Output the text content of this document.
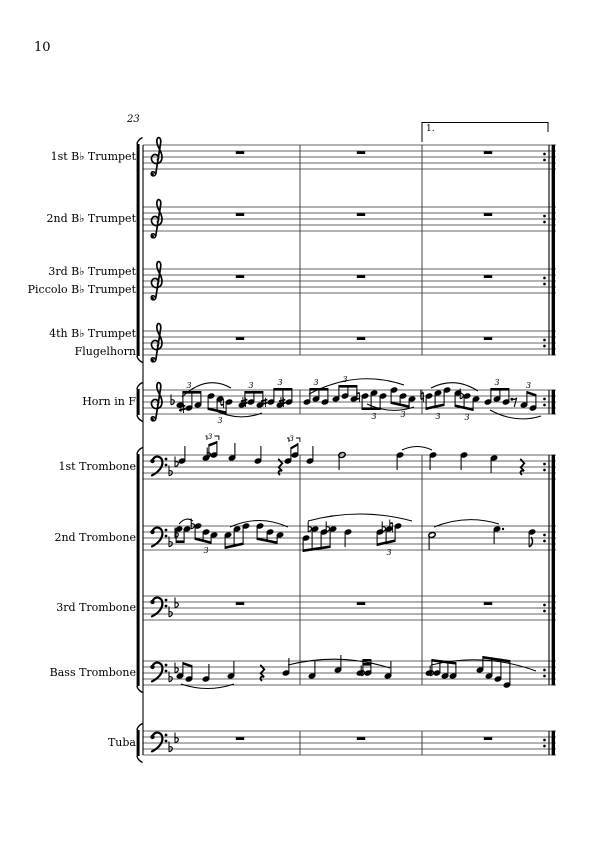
10
23
1st B♭ Trumpet
2nd B♭ Trumpet
3rd B♭ Trumpet
Piccolo B♭ Trumpet
4th B♭ Trumpet
Flugelhorn
Horn in F
1st Trombone
2nd Trombone
3rd Trombone
Bass Trombone
Tuba
1.
3
3
3	3	3	3
3	3	3	3
3	3
3	3
3	3
